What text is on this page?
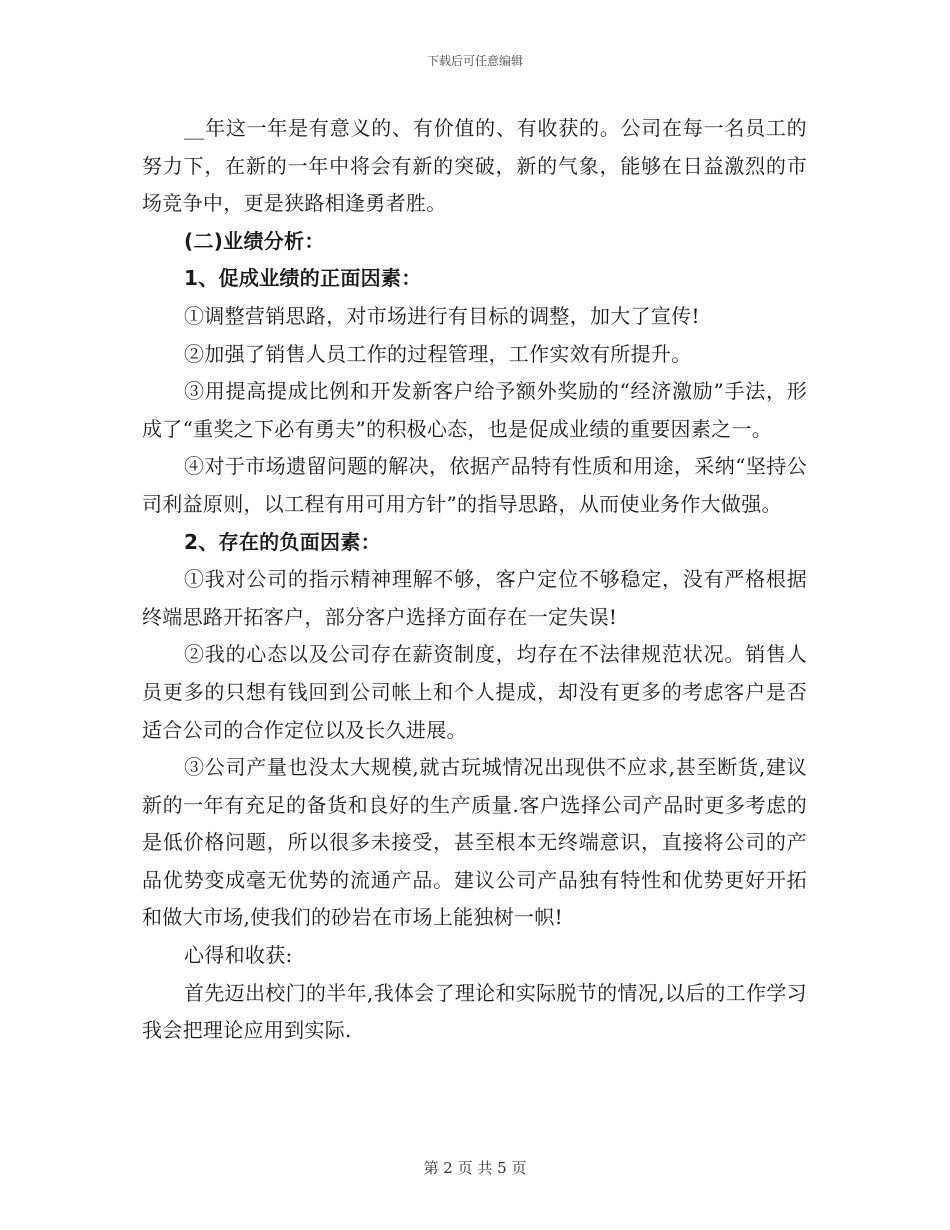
下载后可任意编辑

__年这一年是有意义的、有价值的、有收获的。公司在每一名员工的努力下，在新的一年中将会有新的突破，新的气象，能够在日益激烈的市场竞争中，更是狭路相逢勇者胜。

(二)业绩分析：

1、促成业绩的正面因素：

①调整营销思路，对市场进行有目标的调整，加大了宣传!

②加强了销售人员工作的过程管理，工作实效有所提升。

③用提高提成比例和开发新客户给予额外奖励的“经济激励”手法，形成了“重奖之下必有勇夫”的积极心态，也是促成业绩的重要因素之一。

④对于市场遗留问题的解决，依据产品特有性质和用途，采纳“坚持公司利益原则，以工程有用可用方针”的指导思路，从而使业务作大做强。

2、存在的负面因素：

①我对公司的指示精神理解不够，客户定位不够稳定，没有严格根据终端思路开拓客户，部分客户选择方面存在一定失误!

②我的心态以及公司存在薪资制度，均存在不法律规范状况。销售人员更多的只想有钱回到公司帐上和个人提成，却没有更多的考虑客户是否适合公司的合作定位以及长久进展。

③公司产量也没太大规模,就古玩城情况出现供不应求,甚至断货,建议新的一年有充足的备货和良好的生产质量.客户选择公司产品时更多考虑的是低价格问题，所以很多未接受，甚至根本无终端意识，直接将公司的产品优势变成毫无优势的流通产品。建议公司产品独有特性和优势更好开拓和做大市场,使我们的砂岩在市场上能独树一帜!

心得和收获:

首先迈出校门的半年,我体会了理论和实际脱节的情况,以后的工作学习我会把理论应用到实际.

第 2 页 共 5 页
